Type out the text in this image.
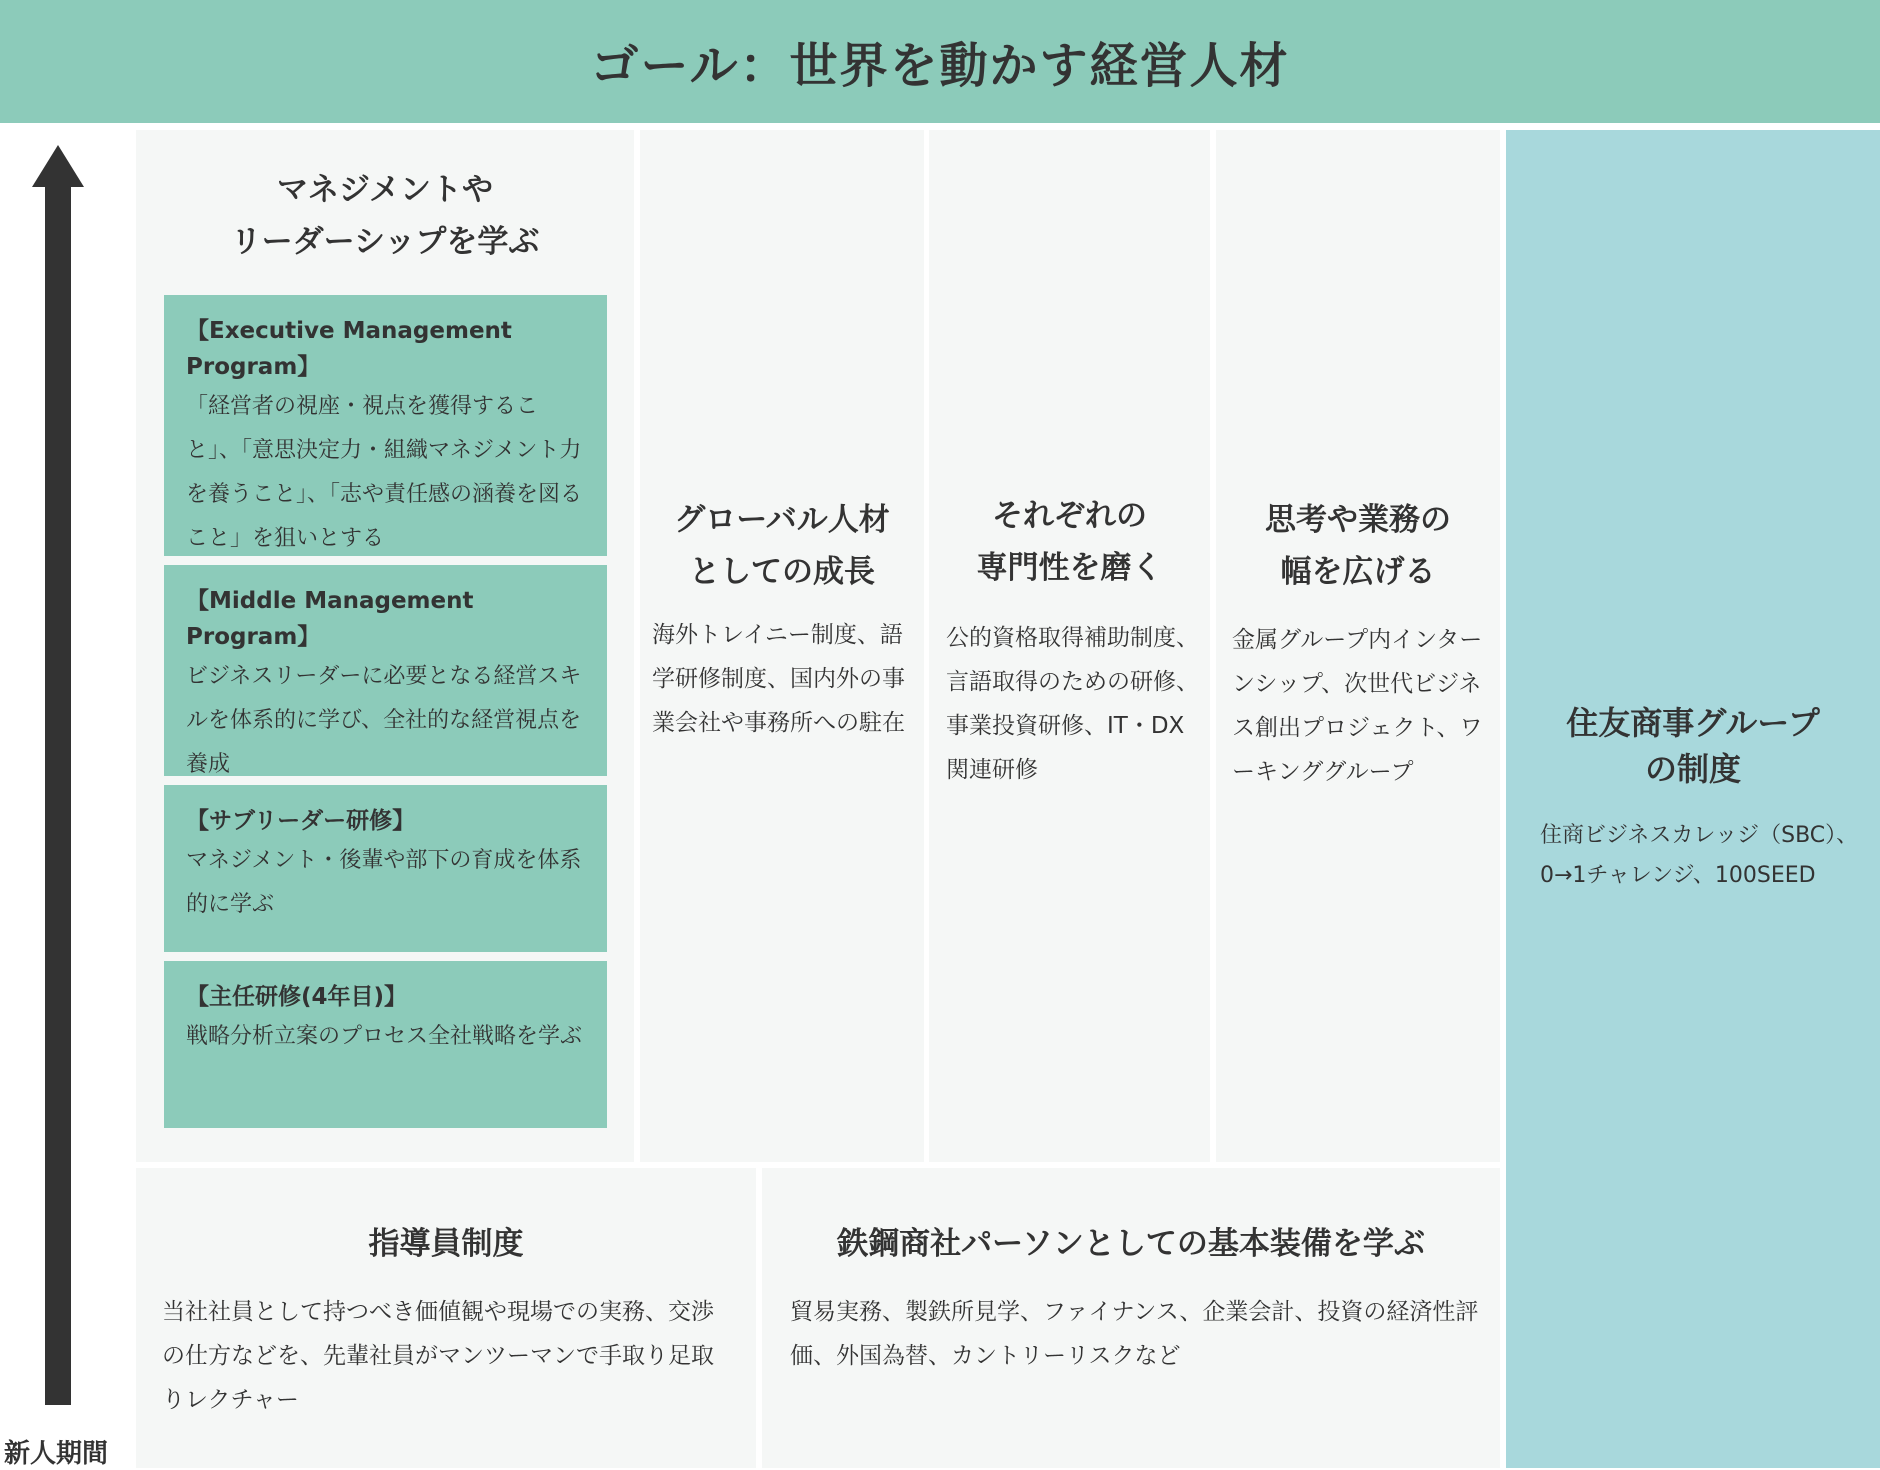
ゴール：世界を動かす経営人材
新人期間
マネジメントや
リーダーシップを学ぶ
【Executive Management Program】
「経営者の視座・視点を獲得すること」、「意思決定力・組織マネジメント力を養うこと」、「志や責任感の涵養を図ること」を狙いとする
【Middle Management Program】
ビジネスリーダーに必要となる経営スキルを体系的に学び、全社的な経営視点を養成
【サブリーダー研修】
マネジメント・後輩や部下の育成を体系的に学ぶ
【主任研修(4年目)】
戦略分析立案のプロセス全社戦略を学ぶ
グローバル人材
としての成長
海外トレイニー制度、語学研修制度、国内外の事業会社や事務所への駐在
それぞれの
専門性を磨く
公的資格取得補助制度、言語取得のための研修、事業投資研修、IT・DX関連研修
思考や業務の
幅を広げる
金属グループ内インターンシップ、次世代ビジネス創出プロジェクト、ワーキンググループ
指導員制度
当社社員として持つべき価値観や現場での実務、交渉の仕方などを、先輩社員がマンツーマンで手取り足取りレクチャー
鉄鋼商社パーソンとしての基本装備を学ぶ
貿易実務、製鉄所見学、ファイナンス、企業会計、投資の経済性評価、外国為替、カントリーリスクなど
住友商事グループ
の制度
住商ビジネスカレッジ（SBC）、0→1チャレンジ、100SEED
